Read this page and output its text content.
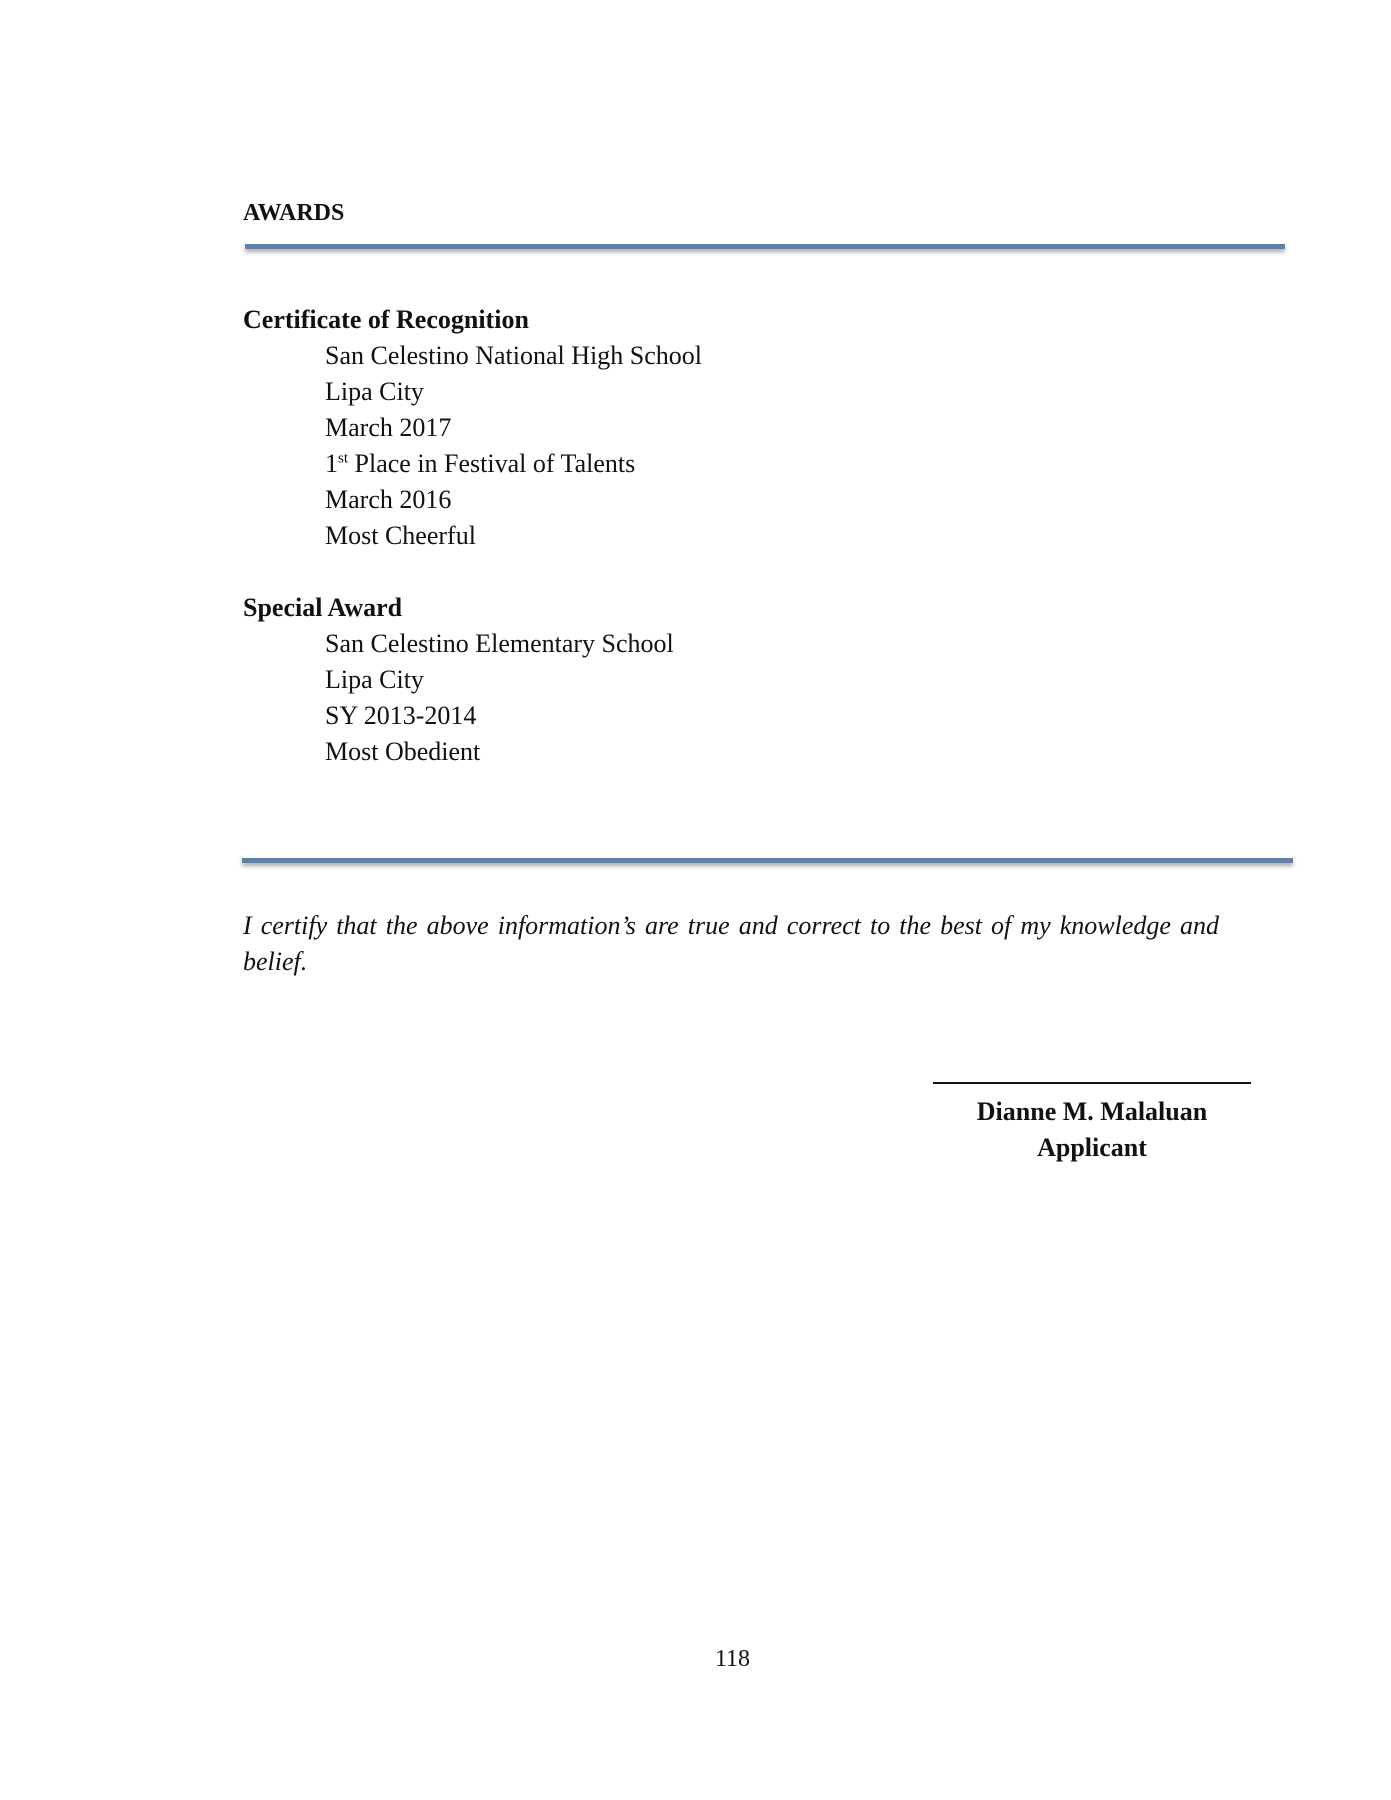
AWARDS
Certificate of Recognition
San Celestino National High School
Lipa City
March 2017
1st Place in Festival of Talents
March 2016
Most Cheerful
Special Award
San Celestino Elementary School
Lipa City
SY 2013-2014
Most Obedient
I certify that the above information’s are true and correct to the best of my knowledge and belief.
Dianne M. Malaluan
Applicant
118
